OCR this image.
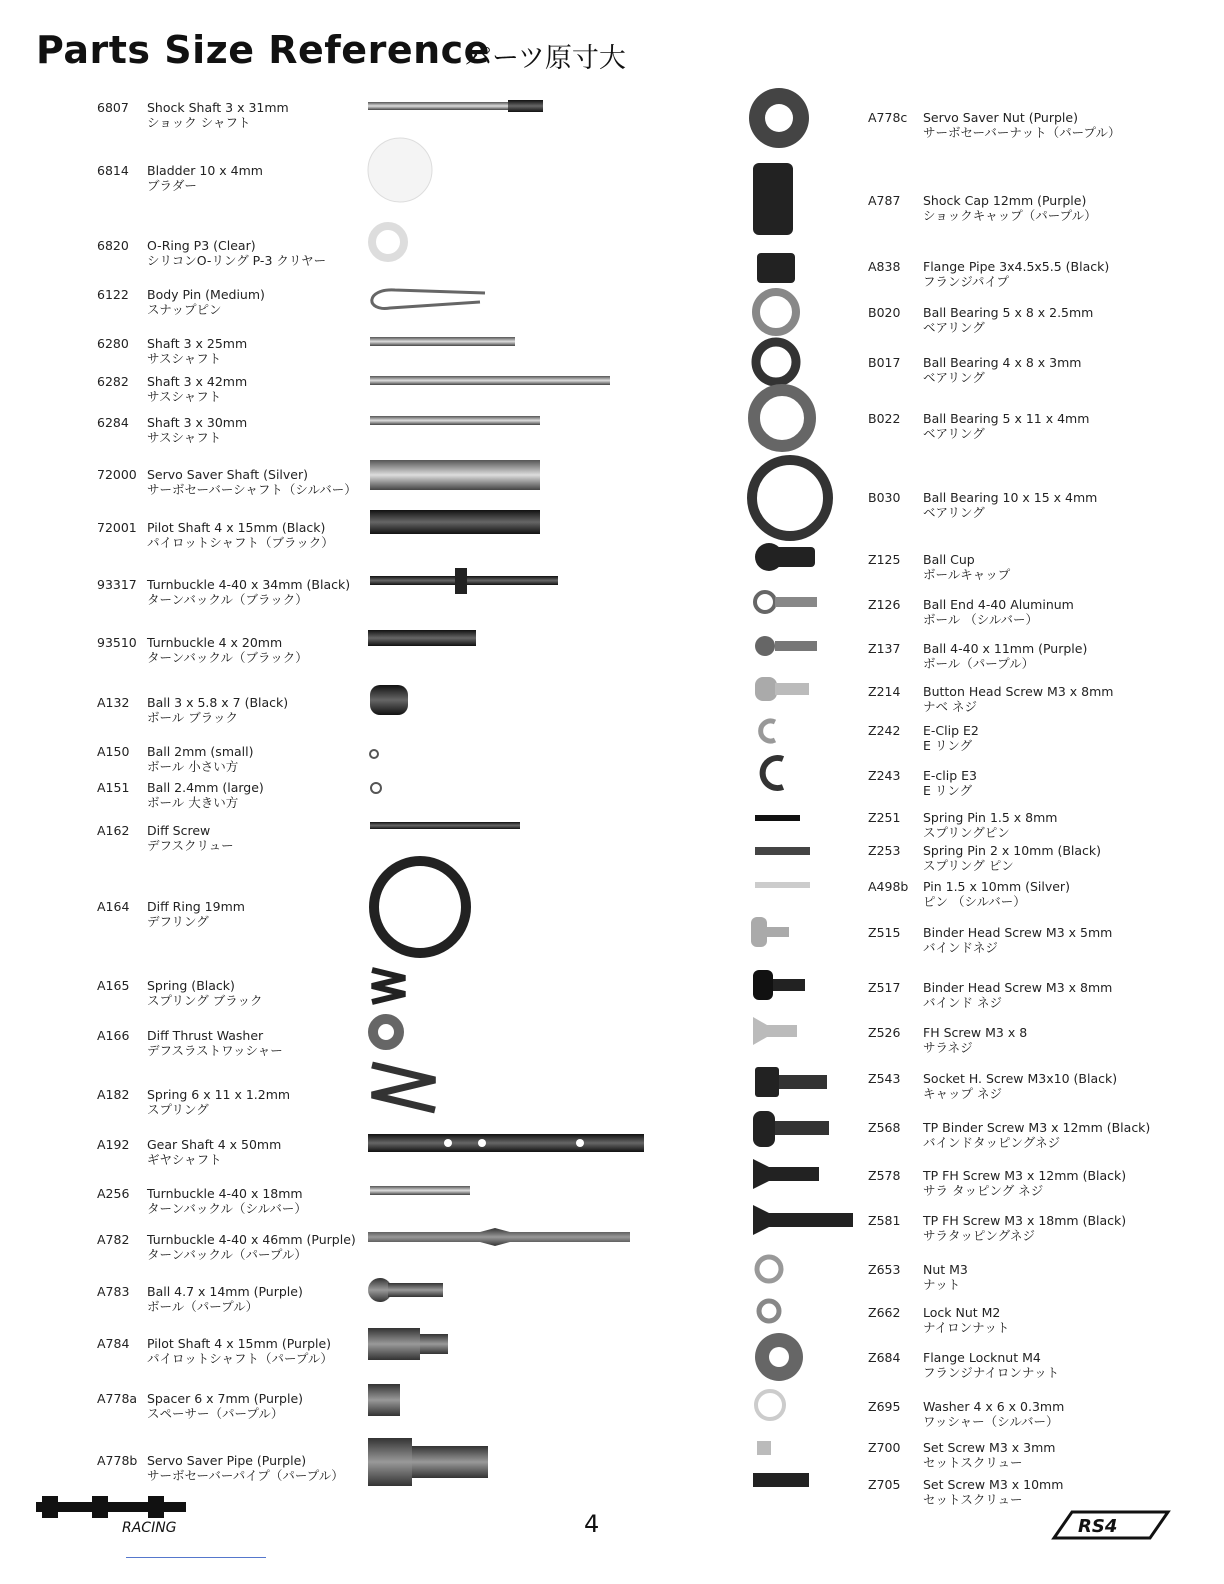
Parts Size Reference
パーツ原寸大
6807	Shock Shaft 3 x 31mm
ショック シャフト
6814	Bladder 10 x 4mm
ブラダー
6820	O-Ring P3 (Clear)
シリコンO-リング P-3 クリヤー
6122	Body Pin (Medium)
スナップピン
6280	Shaft 3 x 25mm
サスシャフト
6282	Shaft 3 x 42mm
サスシャフト
6284	Shaft 3 x 30mm
サスシャフト
72000 Servo Saver Shaft (Silver)
サーボセーバーシャフト（シルバー）
72001 Pilot Shaft 4 x 15mm (Black)
パイロットシャフト（ブラック）
93317 Turnbuckle 4-40 x 34mm (Black)
ターンバックル（ブラック）
93510 Turnbuckle 4 x 20mm
ターンバックル（ブラック）
A132	Ball 3 x 5.8 x 7 (Black)
ボール ブラック
A150	Ball 2mm (small)
ボール 小さい方
A151	Ball 2.4mm (large)
ボール 大きい方
A162	Diff Screw
デフスクリュー
A164	Diff Ring 19mm
デフリング
A165	Spring (Black)
スプリング ブラック
A166	Diff Thrust Washer
デフスラストワッシャー
A182	Spring 6 x 11 x 1.2mm
スプリング
A192	Gear Shaft 4 x 50mm
ギヤシャフト
A256	Turnbuckle 4-40 x 18mm
ターンバックル（シルバー）
A782	Turnbuckle 4-40 x 46mm (Purple)
ターンバックル（パープル）
A783	Ball 4.7 x 14mm (Purple)
ボール（パープル）
A784	Pilot Shaft 4 x 15mm (Purple)
パイロットシャフト（パープル）
A778a Spacer 6 x 7mm (Purple)
スペーサー（パープル）
A778b Servo Saver Pipe (Purple)
サーボセーバーパイプ（パープル）
A778c	Servo Saver Nut (Purple)
サーボセーバーナット（パープル）
A787	Shock Cap 12mm (Purple)
ショックキャップ（パープル）
A838	Flange Pipe 3x4.5x5.5 (Black)
フランジパイプ
B020	Ball Bearing 5 x 8 x 2.5mm
ベアリング
B017	Ball Bearing 4 x 8 x 3mm
ベアリング
B022	Ball Bearing 5 x 11 x 4mm
ベアリング
B030	Ball Bearing 10 x 15 x 4mm
ベアリング
Z125	Ball Cup
ボールキャップ
Z126	Ball End 4-40 Aluminum
ボール （シルバー）
Z137	Ball 4-40 x 11mm (Purple)
ボール（パープル）
Z214	Button Head Screw M3 x 8mm
ナベ ネジ
Z242	E-Clip E2
E リング
Z243	E-clip E3
E リング
Z251	Spring Pin 1.5 x 8mm
スプリングピン
Z253	Spring Pin 2 x 10mm (Black)
スプリング ピン
A498b	Pin 1.5 x 10mm (Silver)
ピン （シルバー）
Z515	Binder Head Screw M3 x 5mm
バインドネジ
Z517	Binder Head Screw M3 x 8mm
バインド ネジ
Z526	FH Screw M3 x 8
サラネジ
Z543	Socket H. Screw M3x10 (Black)
キャップ ネジ
Z568	TP Binder Screw M3 x 12mm (Black)
バインドタッピングネジ
Z578	TP FH Screw M3 x 12mm (Black)
サラ タッピング ネジ
Z581	TP FH Screw M3 x 18mm (Black)
サラタッピングネジ
Z653	Nut M3
ナット
Z662	Lock Nut M2
ナイロンナット
Z684	Flange Locknut M4
フランジナイロンナット
Z695	Washer 4 x 6 x 0.3mm
ワッシャー（シルバー）
Z700	Set Screw M3 x 3mm
セットスクリュー
Z705	Set Screw M3 x 10mm
セットスクリュー
4
RACING	RS4
